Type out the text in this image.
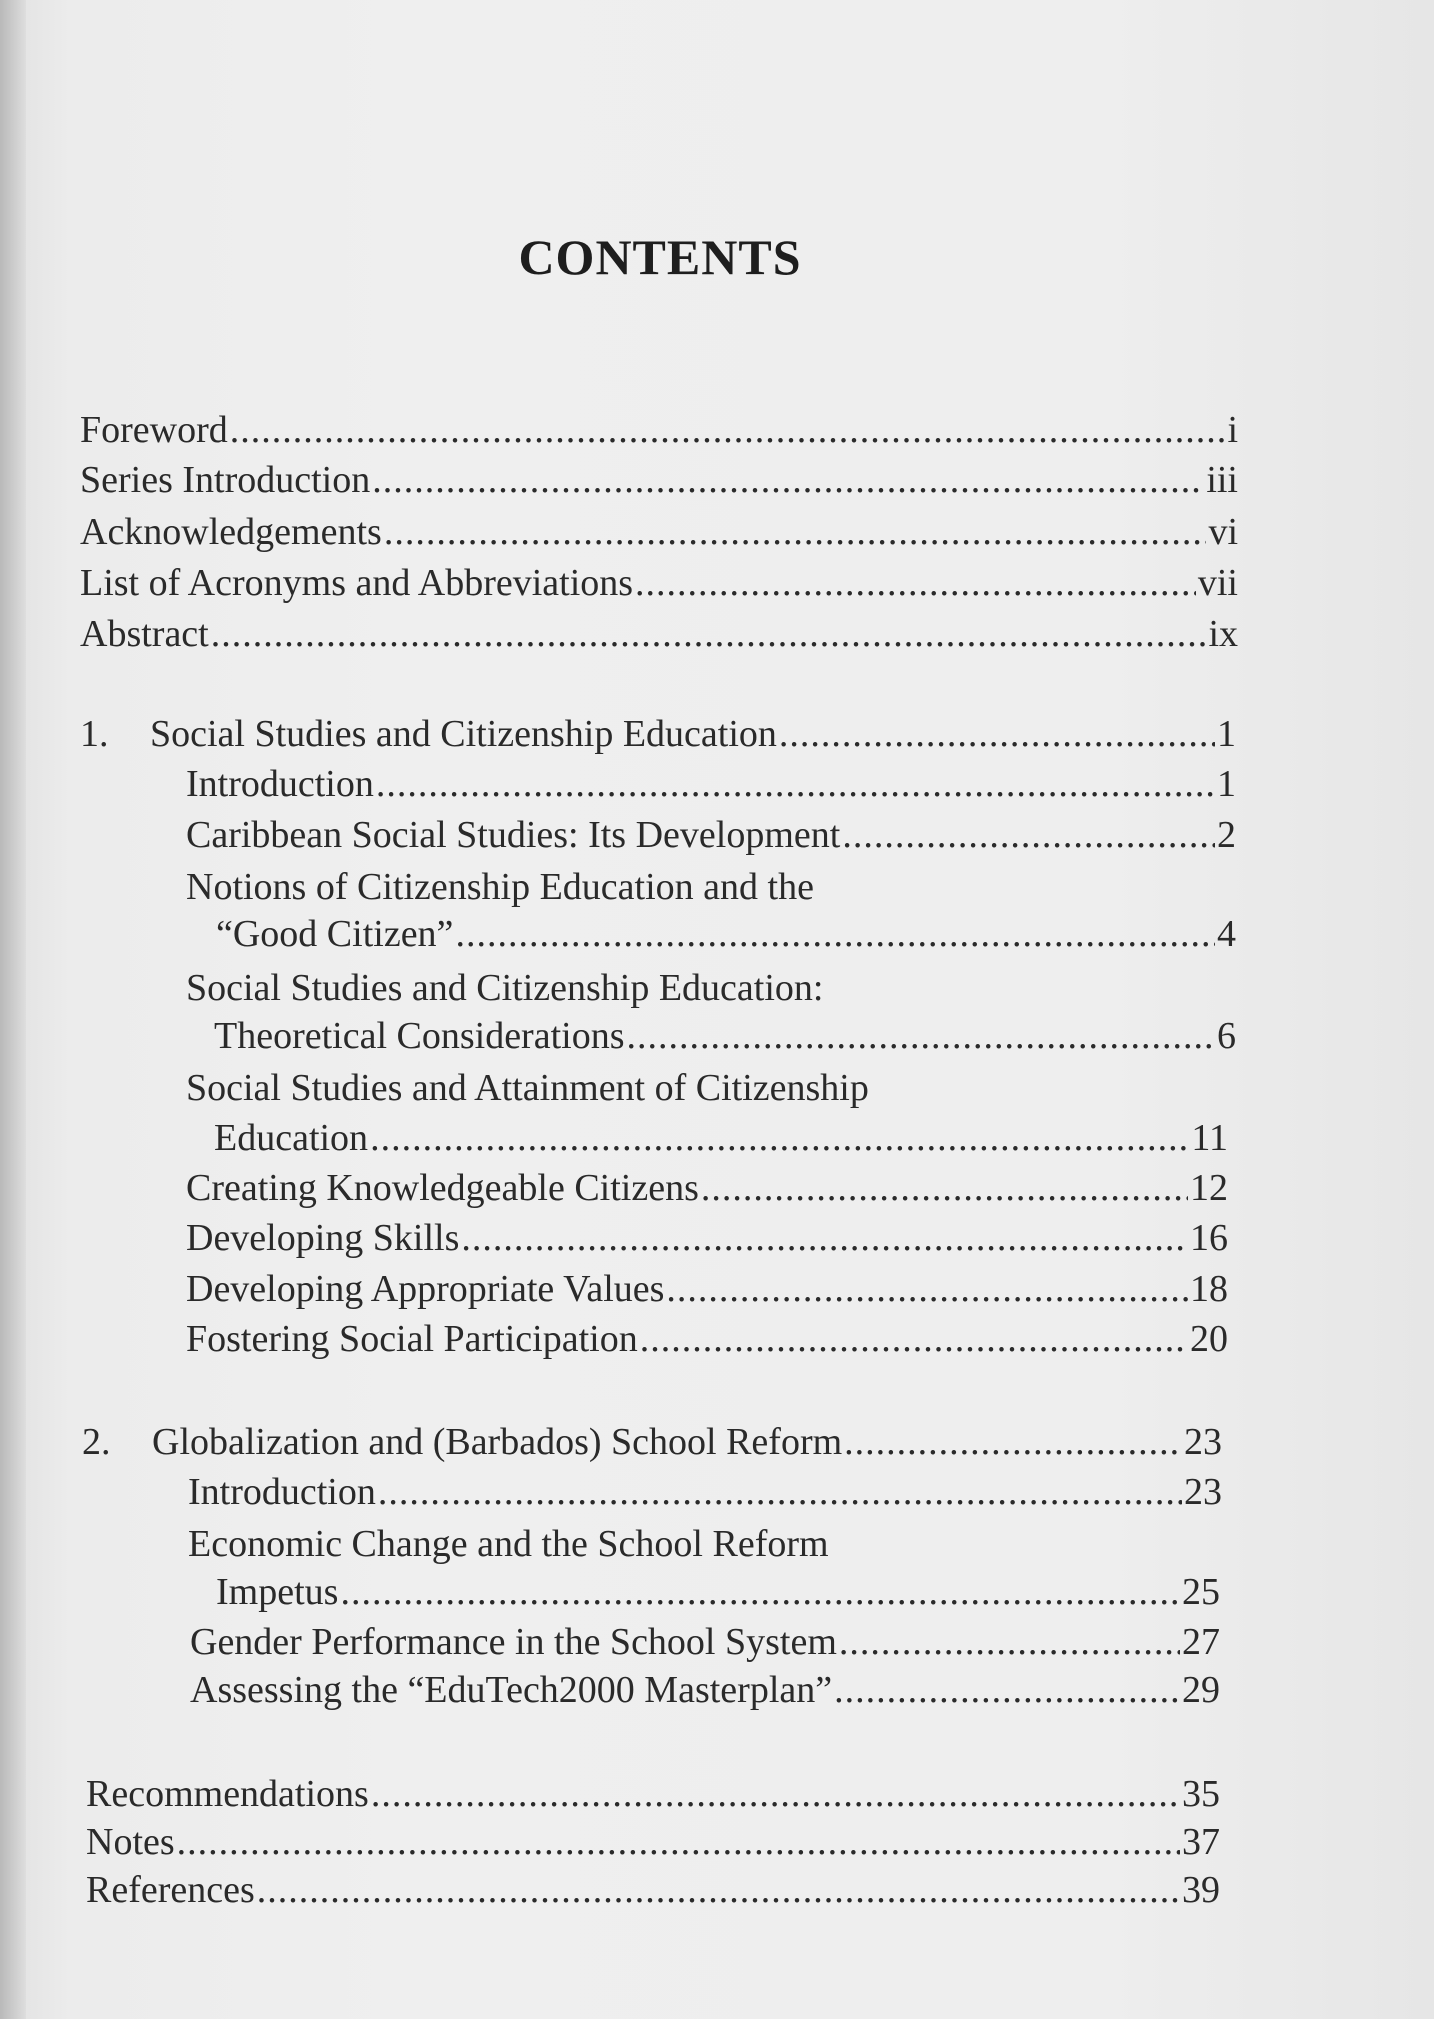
CONTENTS
Foreword .....	i
Series Introduction .....	iii
Acknowledgements .....	vi
List of Acronyms and Abbreviations .....	vii
Abstract .....	ix
1.	Social Studies and Citizenship Education .....	1
Introduction .....	1
Caribbean Social Studies: Its Development .....	2
Notions of Citizenship Education and the
“Good Citizen” .....	4
Social Studies and Citizenship Education:
Theoretical Considerations .....	6
Social Studies and Attainment of Citizenship
Education .....	11
Creating Knowledgeable Citizens .....	12
Developing Skills .....	16
Developing Appropriate Values .....	18
Fostering Social Participation .....	20
2.	Globalization and (Barbados) School Reform .....	23
Introduction .....	23
Economic Change and the School Reform
Impetus .....	25
Gender Performance in the School System .....	27
Assessing the “EduTech2000 Masterplan” .....	29
Recommendations .....	35
Notes .....	37
References .....	39
